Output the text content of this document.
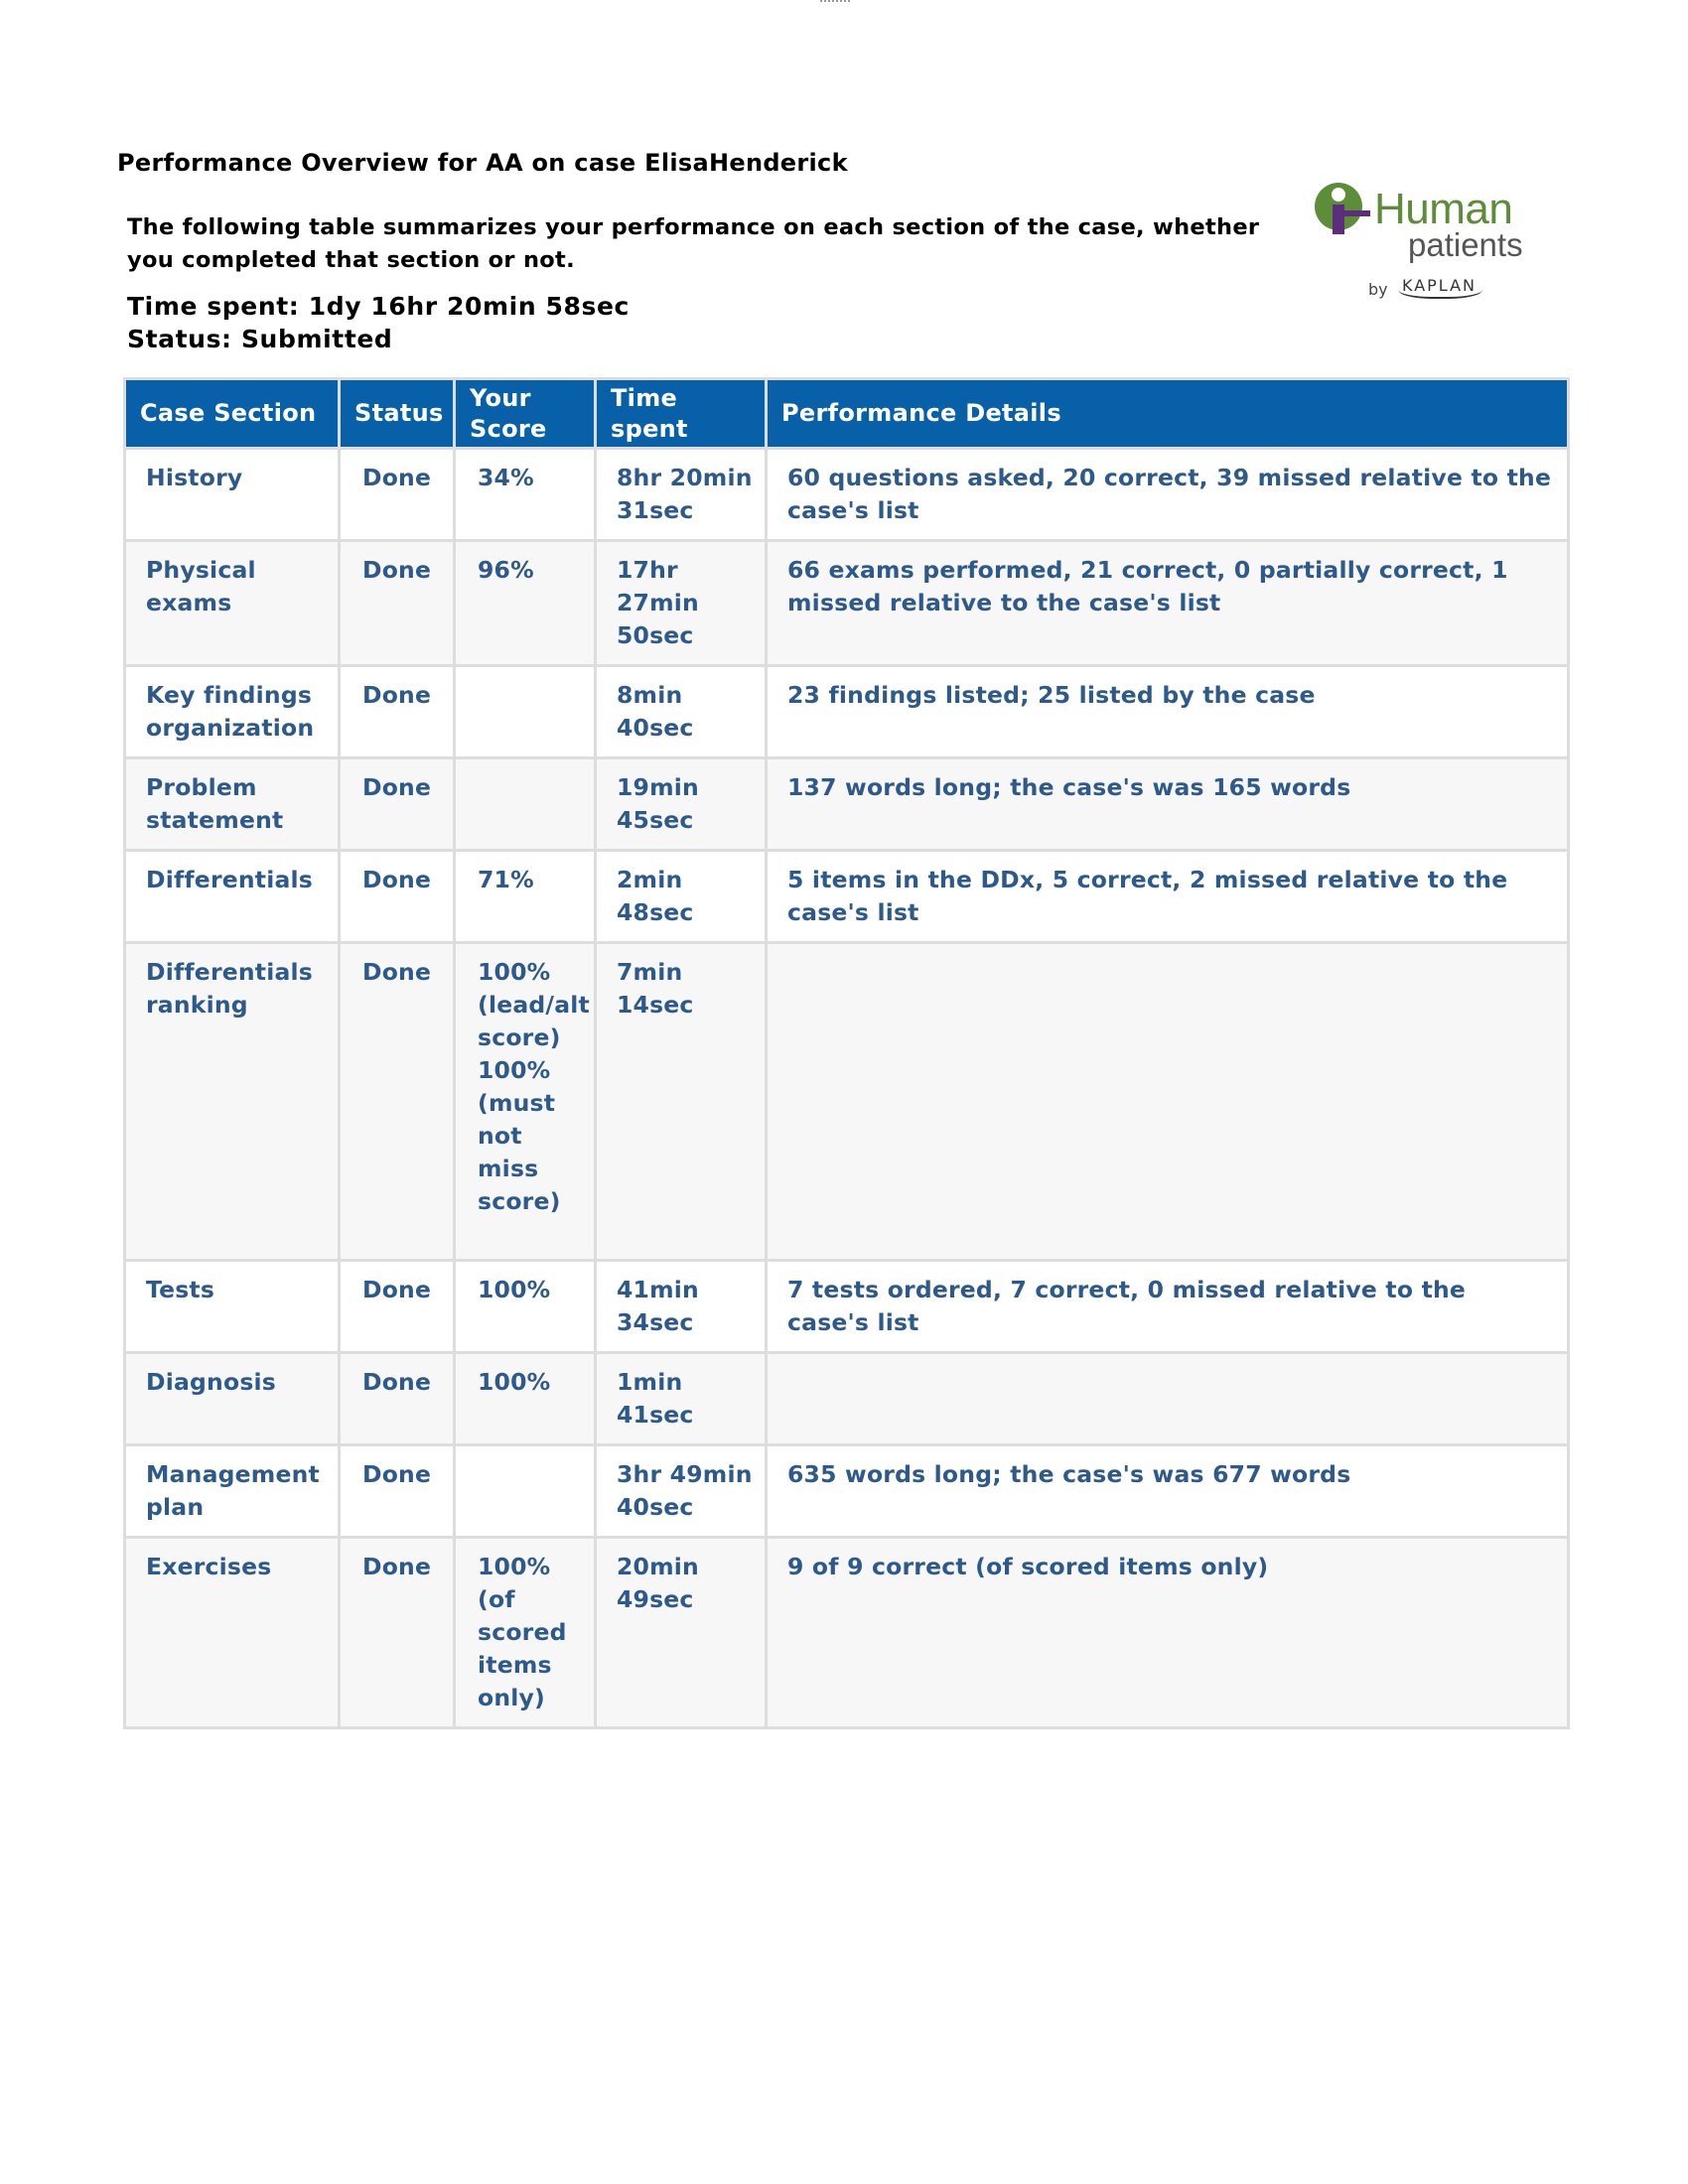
Performance Overview for AA on case ElisaHenderick
The following table summarizes your performance on each section of the case, whether you completed that section or not.
Time spent: 1dy 16hr 20min 58sec
Status: Submitted
Human
patients
by KAPLAN
Case Section	Status	Your Score	Time spent	Performance Details
History	Done	34%	8hr 20min 31sec	60 questions asked, 20 correct, 39 missed relative to the case's list
Physical exams	Done	96%	17hr 27min 50sec	66 exams performed, 21 correct, 0 partially correct, 1 missed relative to the case's list
Key findings organization	Done		8min 40sec	23 findings listed; 25 listed by the case
Problem statement	Done		19min 45sec	137 words long; the case's was 165 words
Differentials	Done	71%	2min 48sec	5 items in the DDx, 5 correct, 2 missed relative to the case's list
Differentials ranking	Done	100% (lead/alt score) 100% (must not miss score)	7min 14sec	
Tests	Done	100%	41min 34sec	7 tests ordered, 7 correct, 0 missed relative to the case's list
Diagnosis	Done	100%	1min 41sec	
Management plan	Done		3hr 49min 40sec	635 words long; the case's was 677 words
Exercises	Done	100% (of scored items only)	20min 49sec	9 of 9 correct (of scored items only)
